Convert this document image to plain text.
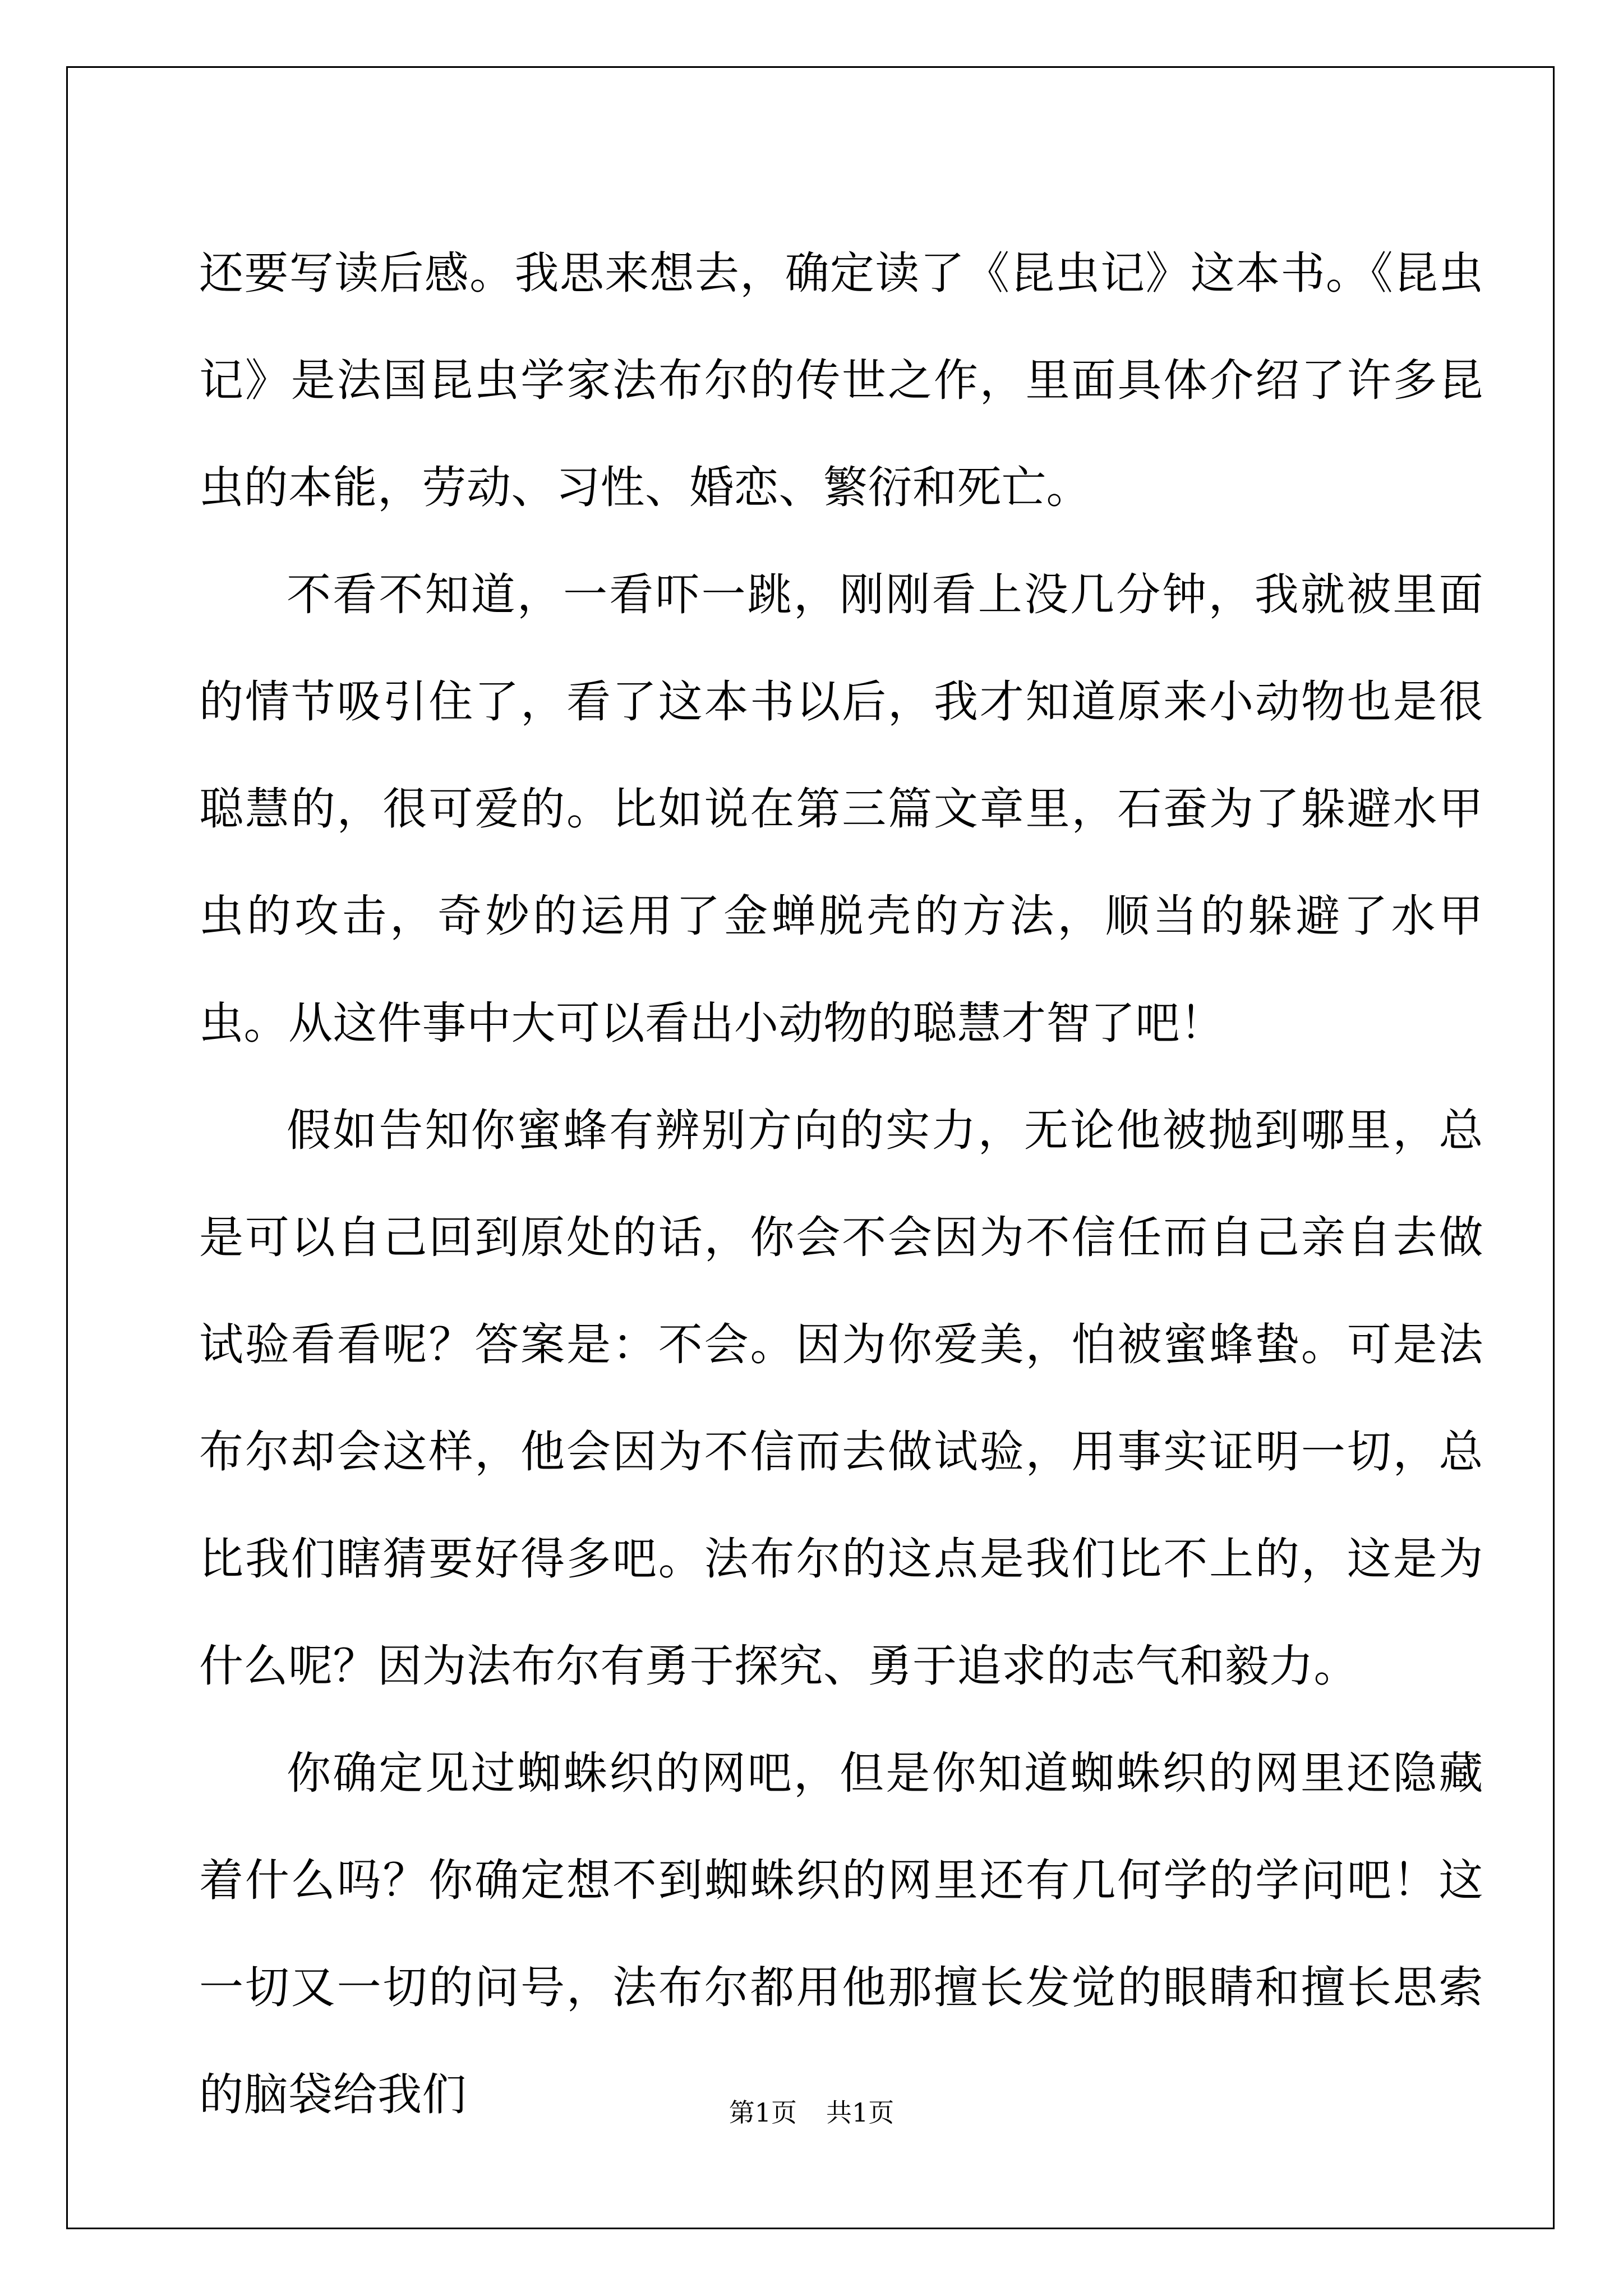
还要写读后感。我思来想去，确定读了《昆虫记》这本书。《昆虫记》是法国昆虫学家法布尔的传世之作，里面具体介绍了许多昆虫的本能，劳动、习性、婚恋、繁衍和死亡。

不看不知道，一看吓一跳，刚刚看上没几分钟，我就被里面的情节吸引住了，看了这本书以后，我才知道原来小动物也是很聪慧的，很可爱的。比如说在第三篇文章里，石蚕为了躲避水甲虫的攻击，奇妙的运用了金蝉脱壳的方法，顺当的躲避了水甲虫。从这件事中大可以看出小动物的聪慧才智了吧！

假如告知你蜜蜂有辨别方向的实力，无论他被抛到哪里，总是可以自己回到原处的话，你会不会因为不信任而自己亲自去做试验看看呢？答案是：不会。因为你爱美，怕被蜜蜂蛰。可是法布尔却会这样，他会因为不信而去做试验，用事实证明一切，总比我们瞎猜要好得多吧。法布尔的这点是我们比不上的，这是为什么呢？因为法布尔有勇于探究、勇于追求的志气和毅力。

你确定见过蜘蛛织的网吧，但是你知道蜘蛛织的网里还隐藏着什么吗？你确定想不到蜘蛛织的网里还有几何学的学问吧！这一切又一切的问号，法布尔都用他那擅长发觉的眼睛和擅长思索的脑袋给我们	第1页 共1页
